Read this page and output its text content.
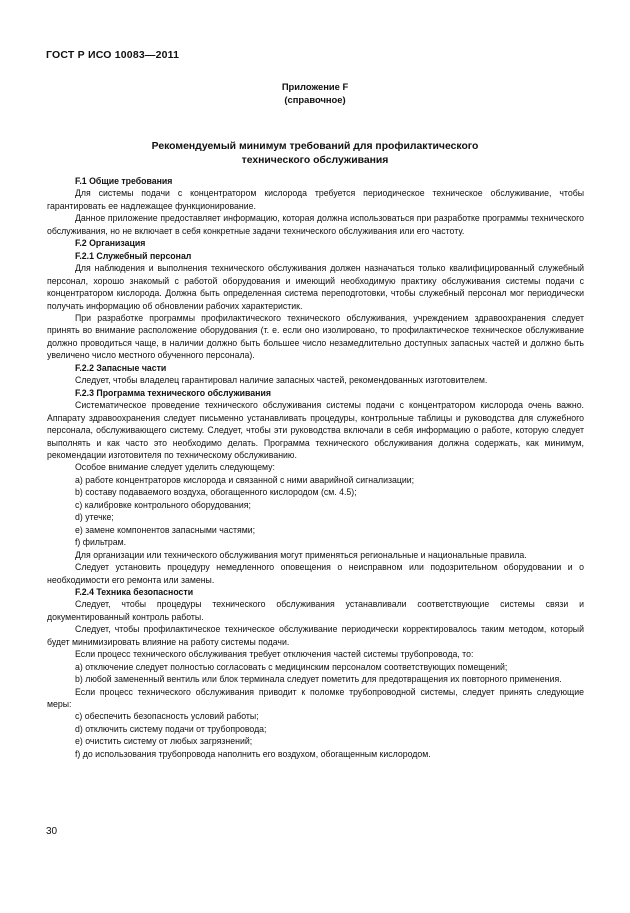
ГОСТ Р ИСО 10083—2011
Приложение F
(справочное)
Рекомендуемый минимум требований для профилактического
технического обслуживания

F.1 Общие требования

Для системы подачи с концентратором кислорода требуется периодическое техническое обслуживание, чтобы гарантировать ее надлежащее функционирование.

Данное приложение предоставляет информацию, которая должна использоваться при разработке программы технического обслуживания, но не включает в себя конкретные задачи технического обслуживания или его частоту.

F.2 Организация

F.2.1 Служебный персонал

Для наблюдения и выполнения технического обслуживания должен назначаться только квалифицированный служебный персонал, хорошо знакомый с работой оборудования и имеющий необходимую практику обслуживания системы подачи с концентратором кислорода. Должна быть определенная система переподготовки, чтобы служебный персонал мог периодически получать информацию об обновлении рабочих характеристик.

При разработке программы профилактического технического обслуживания, учреждением здравоохранения следует принять во внимание расположение оборудования (т. е. если оно изолировано, то профилактическое техническое обслуживание должно проводиться чаще, в наличии должно быть большее число незамедлительно доступных запасных частей и должно быть увеличено число местного обученного персонала).

F.2.2 Запасные части

Следует, чтобы владелец гарантировал наличие запасных частей, рекомендованных изготовителем.

F.2.3 Программа технического обслуживания

Систематическое проведение технического обслуживания системы подачи с концентратором кислорода очень важно. Аппарату здравоохранения следует письменно устанавливать процедуры, контрольные таблицы и руководства для служебного персонала, обслуживающего систему. Следует, чтобы эти руководства включали в себя информацию о работе, которую следует выполнять и как часто это необходимо делать. Программа технического обслуживания должна содержать, как минимум, рекомендации изготовителя по техническому обслуживанию.

Особое внимание следует уделить следующему:

a) работе концентраторов кислорода и связанной с ними аварийной сигнализации;

b) составу подаваемого воздуха, обогащенного кислородом (см. 4.5);

c) калибровке контрольного оборудования;

d) утечке;

e) замене компонентов запасными частями;

f) фильтрам.

Для организации или технического обслуживания могут применяться региональные и национальные правила.

Следует установить процедуру немедленного оповещения о неисправном или подозрительном оборудовании и о необходимости его ремонта или замены.

F.2.4 Техника безопасности

Следует, чтобы процедуры технического обслуживания устанавливали соответствующие системы связи и документированный контроль работы.

Следует, чтобы профилактическое техническое обслуживание периодически корректировалось таким методом, который будет минимизировать влияние на работу системы подачи.

Если процесс технического обслуживания требует отключения частей системы трубопровода, то:

a) отключение следует полностью согласовать с медицинским персоналом соответствующих помещений;

b) любой замененный вентиль или блок терминала следует пометить для предотвращения их повторного применения.

Если процесс технического обслуживания приводит к поломке трубопроводной системы, следует принять следующие меры:

c) обеспечить безопасность условий работы;

d) отключить систему подачи от трубопровода;

e) очистить систему от любых загрязнений;

f) до использования трубопровода наполнить его воздухом, обогащенным кислородом.

30
